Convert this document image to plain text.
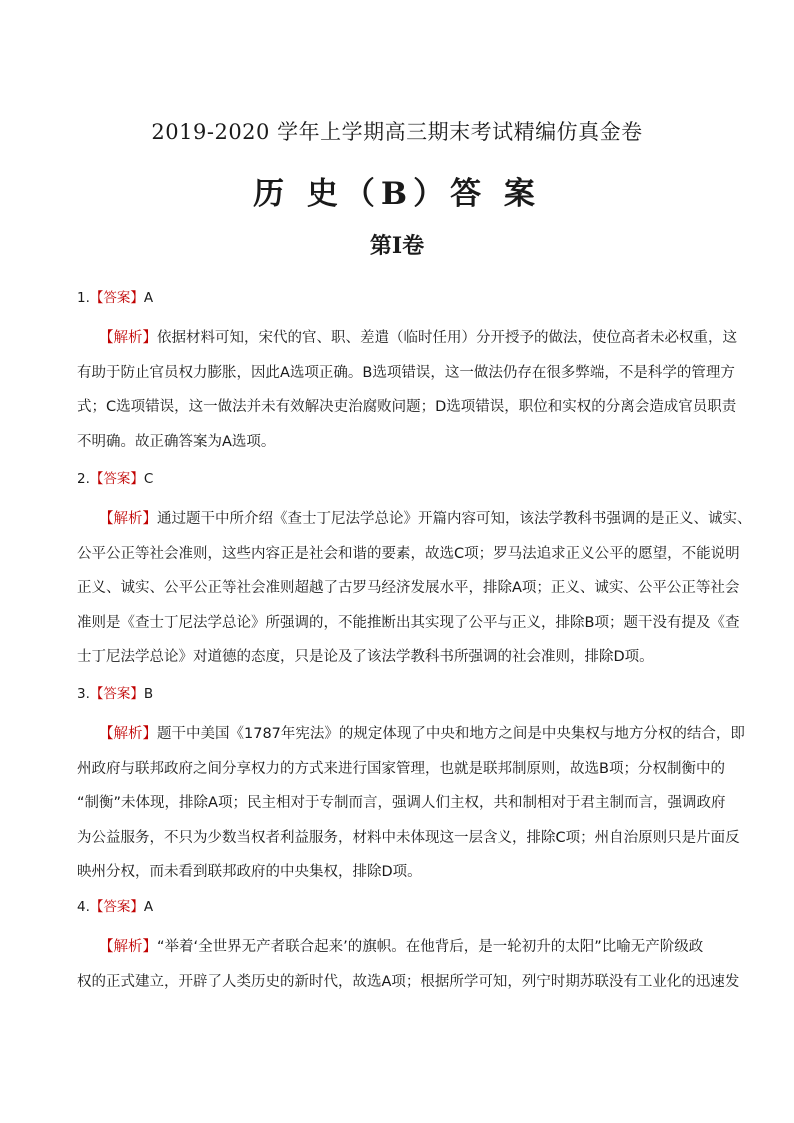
2019-2020 学年上学期高三期末考试精编仿真金卷
历 史（B）答 案
第Ⅰ卷
1.【答案】A
【解析】依据材料可知，宋代的官、职、差遣（临时任用）分开授予的做法，使位高者未必权重，这
有助于防止官员权力膨胀，因此A选项正确。B选项错误，这一做法仍存在很多弊端，不是科学的管理方
式；C选项错误，这一做法并未有效解决吏治腐败问题；D选项错误，职位和实权的分离会造成官员职责
不明确。故正确答案为A选项。
2.【答案】C
【解析】通过题干中所介绍《查士丁尼法学总论》开篇内容可知，该法学教科书强调的是正义、诚实、
公平公正等社会准则，这些内容正是社会和谐的要素，故选C项；罗马法追求正义公平的愿望，不能说明
正义、诚实、公平公正等社会准则超越了古罗马经济发展水平，排除A项；正义、诚实、公平公正等社会
准则是《查士丁尼法学总论》所强调的，不能推断出其实现了公平与正义，排除B项；题干没有提及《查
士丁尼法学总论》对道德的态度，只是论及了该法学教科书所强调的社会准则，排除D项。
3.【答案】B
【解析】题干中美国《1787年宪法》的规定体现了中央和地方之间是中央集权与地方分权的结合，即
州政府与联邦政府之间分享权力的方式来进行国家管理，也就是联邦制原则，故选B项；分权制衡中的
“制衡”未体现，排除A项；民主相对于专制而言，强调人们主权，共和制相对于君主制而言，强调政府
为公益服务，不只为少数当权者利益服务，材料中未体现这一层含义，排除C项；州自治原则只是片面反
映州分权，而未看到联邦政府的中央集权，排除D项。
4.【答案】A
【解析】“举着‘全世界无产者联合起来’的旗帜。在他背后，是一轮初升的太阳”比喻无产阶级政
权的正式建立，开辟了人类历史的新时代，故选A项；根据所学可知，列宁时期苏联没有工业化的迅速发
